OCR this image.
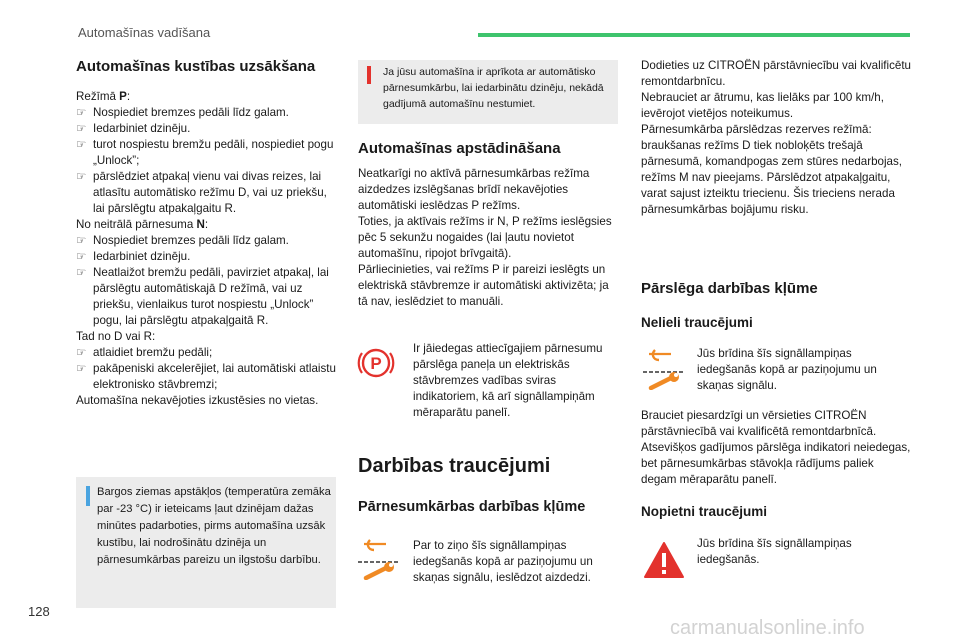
Automašīnas vadīšana
Automašīnas kustības uzsākšana

Režīmā P:

☞ Nospiediet bremzes pedāli līdz galam.
☞ Iedarbiniet dzinēju.
☞ turot nospiestu bremžu pedāli, nospiediet pogu „Unlock”;
☞ pārslēdziet atpakaļ vienu vai divas reizes, lai atlasītu automātisko režīmu D, vai uz priekšu, lai pārslēgtu atpakaļgaitu R.

No neitrālā pārnesuma N:

☞ Nospiediet bremzes pedāli līdz galam.
☞ Iedarbiniet dzinēju.
☞ Neatlaižot bremžu pedāli, pavirziet atpakaļ, lai pārslēgtu automātiskajā D režīmā, vai uz priekšu, vienlaikus turot nospiestu „Unlock” pogu, lai pārslēgtu atpakaļgaitā R.

Tad no D vai R:

☞ atlaidiet bremžu pedāli;
☞ pakāpeniski akcelerējiet, lai automātiski atlaistu elektronisko stāvbremzi;

Automašīna nekavējoties izkustēsies no vietas.

Bargos ziemas apstākļos (temperatūra zemāka par -23 °C) ir ieteicams ļaut dzinējam dažas minūtes padarboties, pirms automašīna uzsāk kustību, lai nodrošinātu dzinēja un pārnesumkārbas pareizu un ilgstošu darbību.
Ja jūsu automašīna ir aprīkota ar automātisko pārnesumkārbu, lai iedarbinātu dzinēju, nekādā gadījumā automašīnu nestumiet.
Automašīnas apstādināšana
Neatkarīgi no aktīvā pārnesumkārbas režīma aizdedzes izslēgšanas brīdī nekavējoties automātiski ieslēdzas P režīms.
Toties, ja aktīvais režīms ir N, P režīms ieslēgsies pēc 5 sekunžu nogaides (lai ļautu novietot automašīnu, ripojot brīvgaitā).
Pārliecinieties, vai režīms P ir pareizi ieslēgts un elektriskā stāvbremze ir automātiski aktivizēta; ja tā nav, ieslēdziet to manuāli.
P
Ir jāiedegas attiecīgajiem pārnesumu pārslēga paneļa un elektriskās stāvbremzes vadības sviras indikatoriem, kā arī signāllampiņām mēraparātu panelī.
Darbības traucējumi
Pārnesumkārbas darbības kļūme
Par to ziņo šīs signāllampiņas iedegšanās kopā ar paziņojumu un skaņas signālu, ieslēdzot aizdedzi.
Dodieties uz CITROËN pārstāvniecību vai kvalificētu remontdarbnīcu.
Nebrauciet ar ātrumu, kas lielāks par 100 km/h, ievērojot vietējos noteikumus.
Pārnesumkārba pārslēdzas rezerves režīmā: braukšanas režīms D tiek nobloķēts trešajā pārnesumā, komandpogas zem stūres nedarbojas, režīms M nav pieejams. Pārslēdzot atpakaļgaitu, varat sajust izteiktu triecienu. Šis trieciens nerada pārnesumkārbas bojājumu risku.
Pārslēga darbības kļūme
Nelieli traucējumi
Jūs brīdina šīs signāllampiņas iedegšanās kopā ar paziņojumu un skaņas signālu.
Brauciet piesardzīgi un vērsieties CITROËN pārstāvniecībā vai kvalificētā remontdarbnīcā. Atsevišķos gadījumos pārslēga indikatori neiedegas, bet pārnesumkārbas stāvokļa rādījums paliek degam mēraparātu panelī.
Nopietni traucējumi
Jūs brīdina šīs signāllampiņas iedegšanās.
128
carmanualsonline.info
